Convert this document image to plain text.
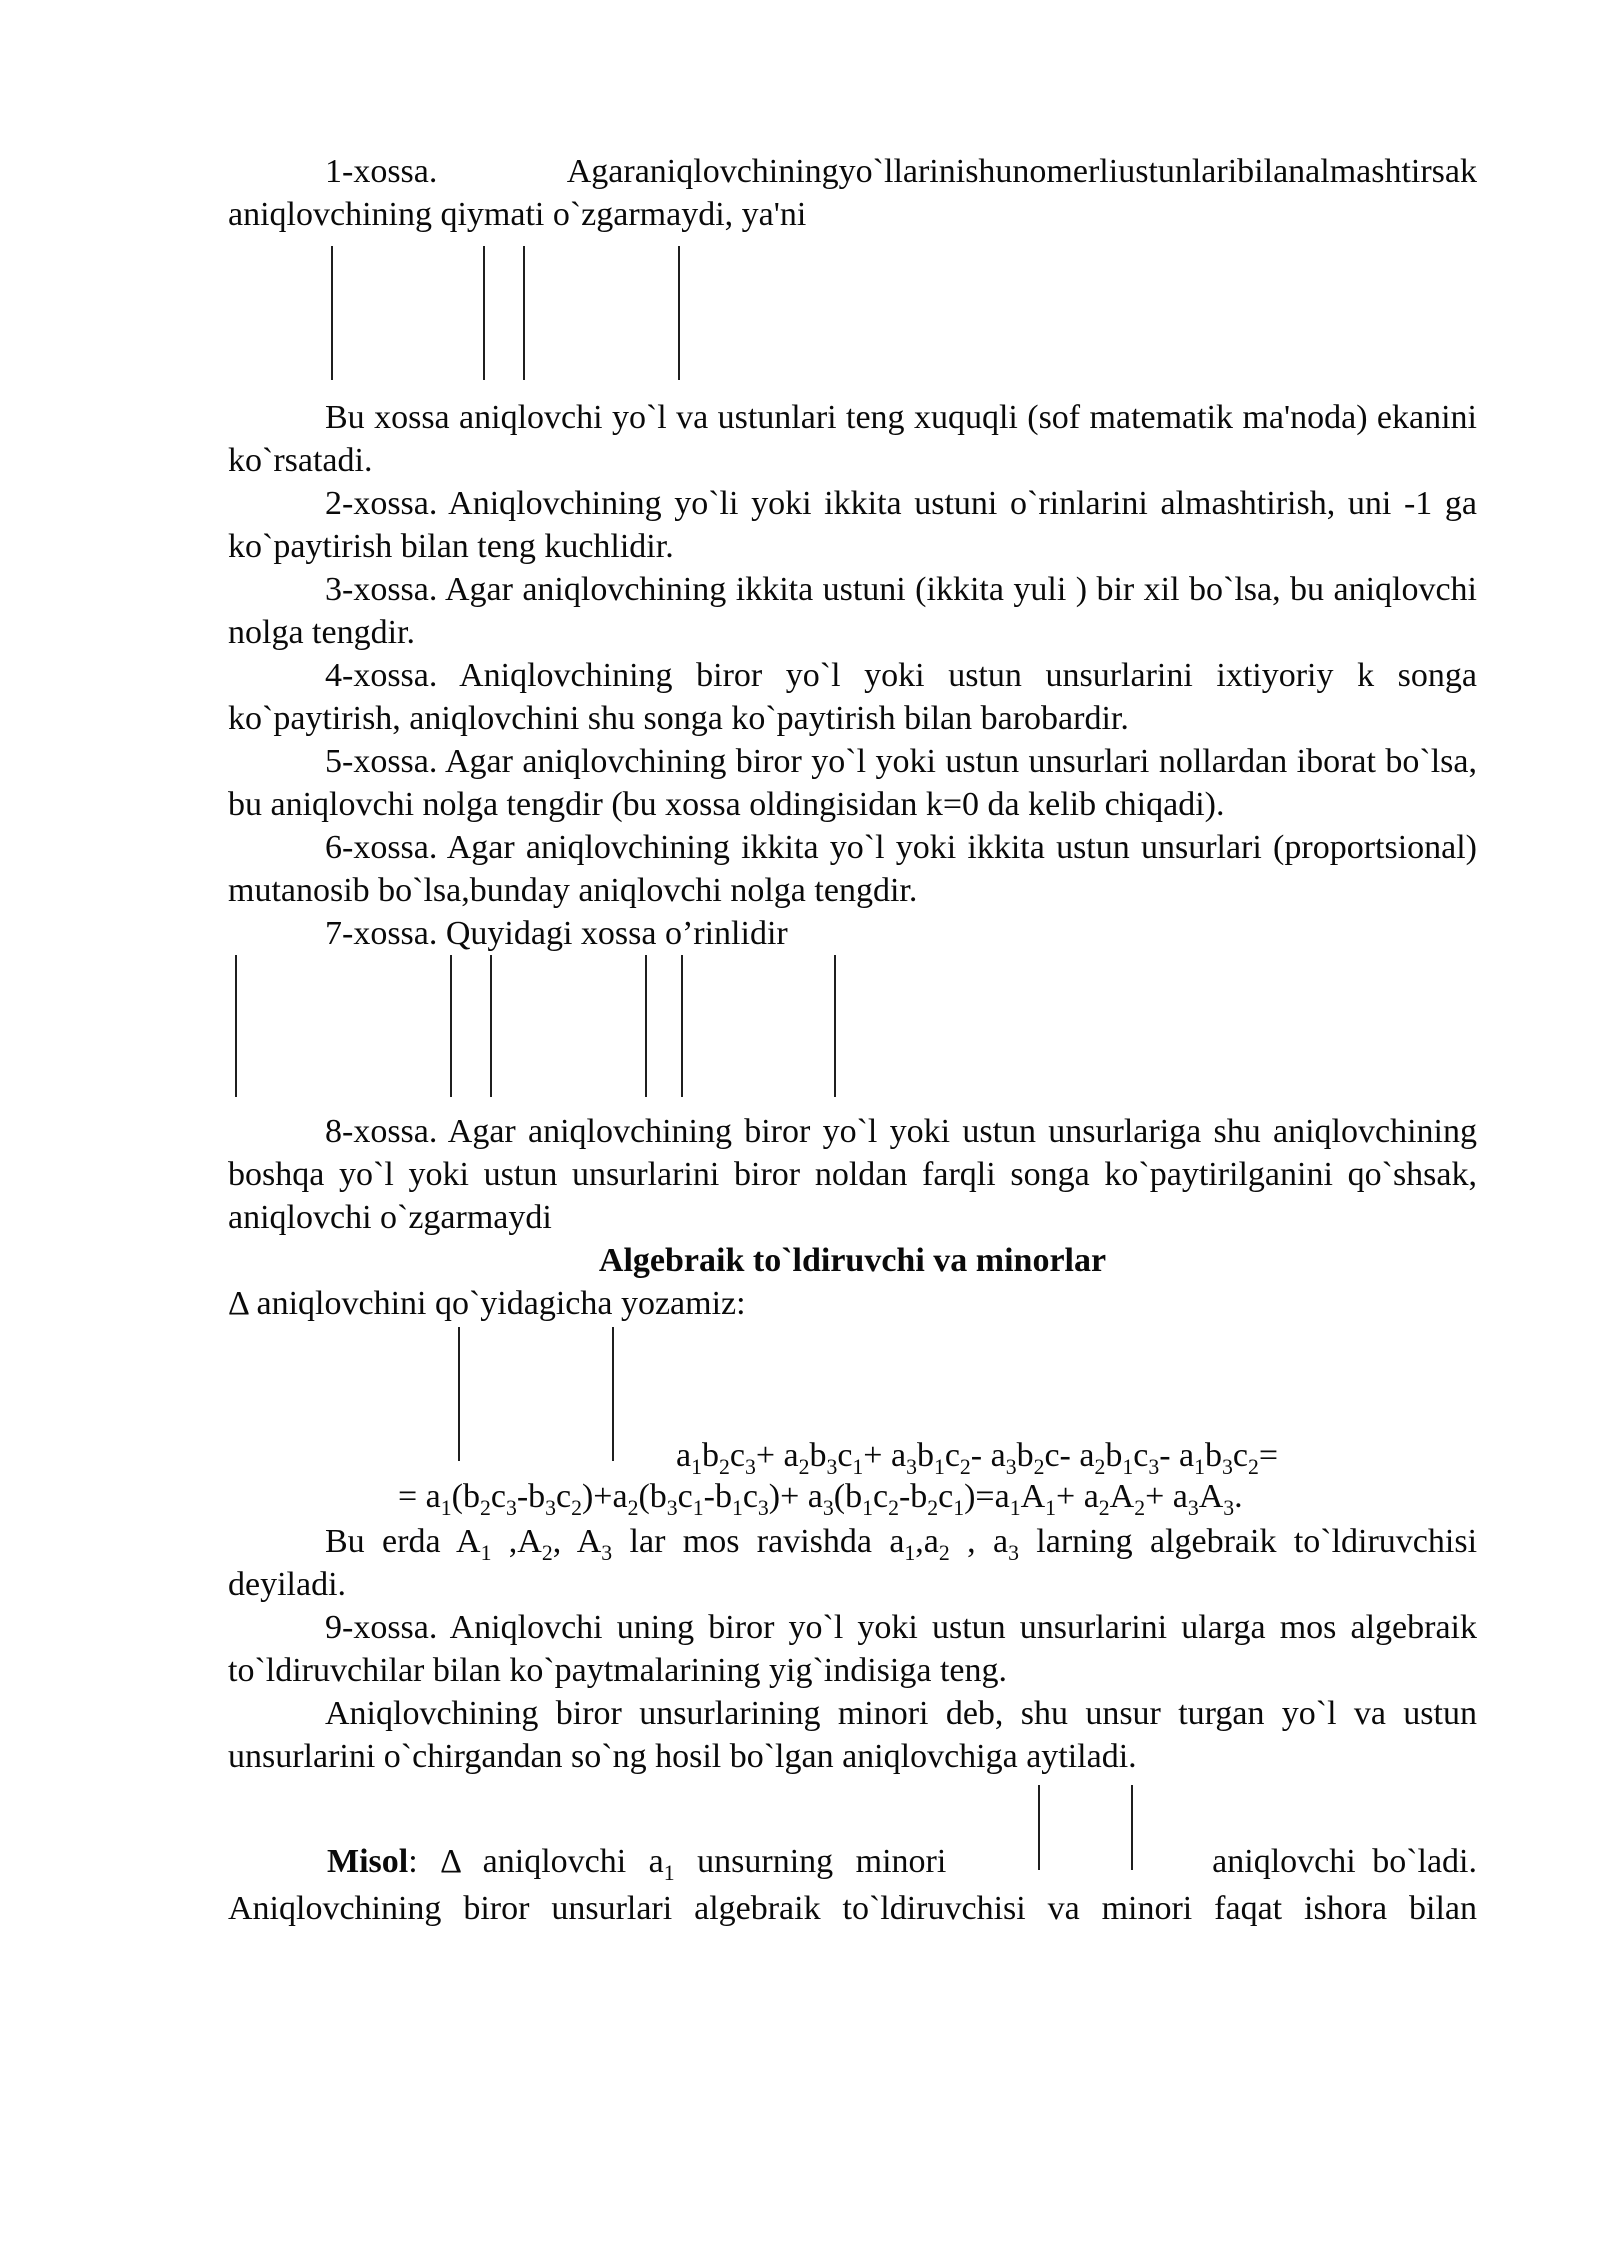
1-xossa. Agaraniqlovchiningyo`llarinishunomerliustunlaribilanalmashtirsak aniqlovchining qiymati o`zgarmaydi, ya'ni

Bu xossa aniqlovchi yo`l va ustunlari teng xuquqli (sof matematik ma'noda) ekanini ko`rsatadi.

2-xossa. Aniqlovchining yo`li yoki ikkita ustuni o`rinlarini almashtirish, uni -1 ga ko`paytirish bilan teng kuchlidir.

3-xossa. Agar aniqlovchining ikkita ustuni (ikkita yuli ) bir xil bo`lsa, bu aniqlovchi nolga tengdir.

4-xossa. Aniqlovchining biror yo`l yoki ustun unsurlarini ixtiyoriy k songa ko`paytirish, aniqlovchini shu songa ko`paytirish bilan barobardir.

5-xossa. Agar aniqlovchining biror yo`l yoki ustun unsurlari nollardan iborat bo`lsa, bu aniqlovchi nolga tengdir (bu xossa oldingisidan k=0 da kelib chiqadi).

6-xossa. Agar aniqlovchining ikkita yo`l yoki ikkita ustun unsurlari (proportsional) mutanosib bo`lsa,bunday aniqlovchi nolga tengdir.

7-xossa. Quyidagi xossa o’rinlidir

8-xossa. Agar aniqlovchining biror yo`l yoki ustun unsurlariga shu aniqlovchining boshqa yo`l yoki ustun unsurlarini biror noldan farqli songa ko`paytirilganini qo`shsak, aniqlovchi o`zgarmaydi

Algebraik to`ldiruvchi va minorlar

Δ aniqlovchini qo`yidagicha yozamiz:

$a_1b_2c_3+ a_2b_3c_1+ a_3b_1c_2-$ $a_3b_2c-$ $a_2b_1c_3-$ $a_1b_3c_2=$
= $a_1(b_2c_3-b_3c_2)+a_2(b_3c_1-b_1c_3)+ a_3(b_1c_2-b_2c_1)=a_1A_1+ a_2A_2+ a_3A_3$.

Bu erda $A_1$ $,A_2$, $A_3$ lar mos ravishda $a_1,a_2$ , $a_3$ larning algebraik to`ldiruvchisi deyiladi.

9-xossa. Aniqlovchi uning biror yo`l yoki ustun unsurlarini ularga mos algebraik to`ldiruvchilar bilan ko`paytmalarining yig`indisiga teng.

Aniqlovchining biror unsurlarining minori deb, shu unsur turgan yo`l va ustun unsurlarini o`chirgandan so`ng hosil bo`lgan aniqlovchiga aytiladi.

Misol: Δ aniqlovchi $a_1$ unsurning minori	aniqlovchi bo`ladi.

Aniqlovchining biror unsurlari algebraik to`ldiruvchisi va minori faqat ishora bilan
